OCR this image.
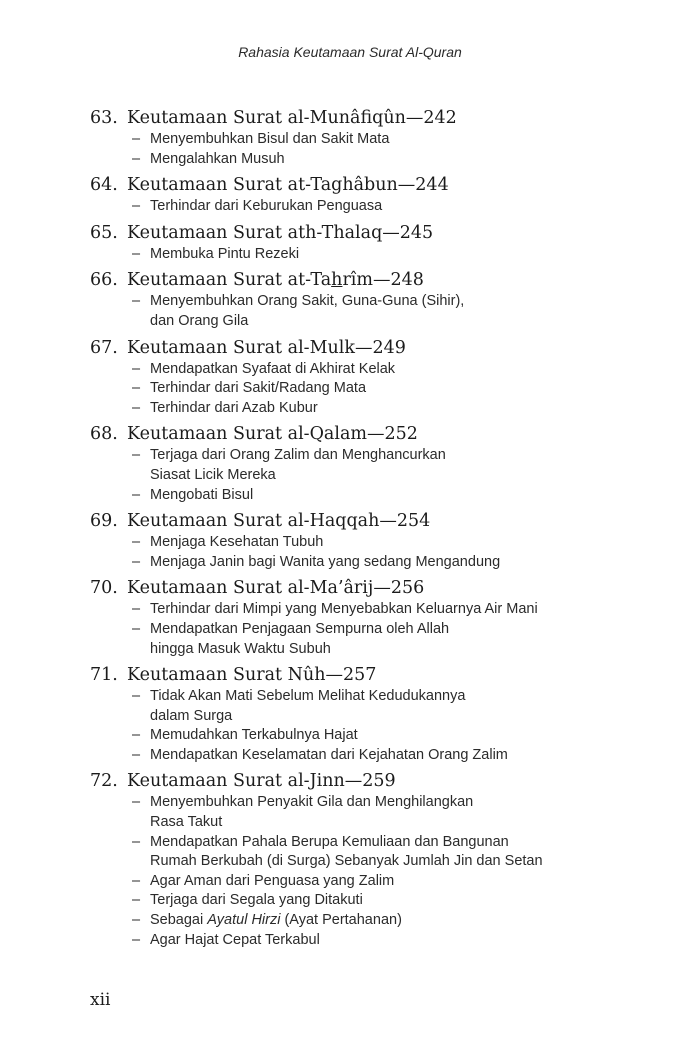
Rahasia Keutamaan Surat Al-Quran
63. Keutamaan Surat al-Munâfiqûn—242
– Menyembuhkan Bisul dan Sakit Mata
– Mengalahkan Musuh
64. Keutamaan Surat at-Taghâbun—244
– Terhindar dari Keburukan Penguasa
65. Keutamaan Surat ath-Thalaq—245
– Membuka Pintu Rezeki
66. Keutamaan Surat at-Tahrîm—248
– Menyembuhkan Orang Sakit, Guna-Guna (Sihir),
dan Orang Gila
67. Keutamaan Surat al-Mulk—249
– Mendapatkan Syafaat di Akhirat Kelak
– Terhindar dari Sakit/Radang Mata
– Terhindar dari Azab Kubur
68. Keutamaan Surat al-Qalam—252
– Terjaga dari Orang Zalim dan Menghancurkan
Siasat Licik Mereka
– Mengobati Bisul
69. Keutamaan Surat al-Haqqah—254
– Menjaga Kesehatan Tubuh
– Menjaga Janin bagi Wanita yang sedang Mengandung
70. Keutamaan Surat al-Ma’ârij—256
– Terhindar dari Mimpi yang Menyebabkan Keluarnya Air Mani
– Mendapatkan Penjagaan Sempurna oleh Allah
hingga Masuk Waktu Subuh
71. Keutamaan Surat Nûh—257
– Tidak Akan Mati Sebelum Melihat Kedudukannya
dalam Surga
– Memudahkan Terkabulnya Hajat
– Mendapatkan Keselamatan dari Kejahatan Orang Zalim
72. Keutamaan Surat al-Jinn—259
– Menyembuhkan Penyakit Gila dan Menghilangkan
Rasa Takut
– Mendapatkan Pahala Berupa Kemuliaan dan Bangunan
Rumah Berkubah (di Surga) Sebanyak Jumlah Jin dan Setan
– Agar Aman dari Penguasa yang Zalim
– Terjaga dari Segala yang Ditakuti
– Sebagai Ayatul Hirzi (Ayat Pertahanan)
– Agar Hajat Cepat Terkabul
xii
